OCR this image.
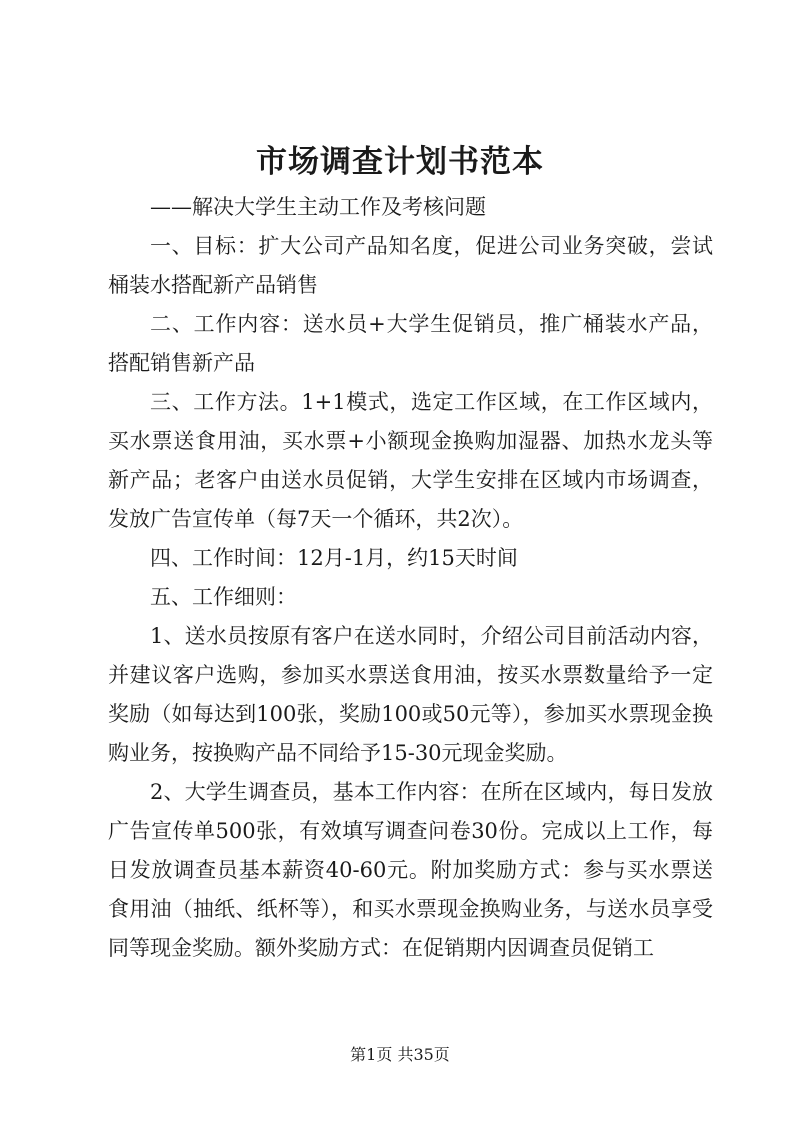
市场调查计划书范本

——解决大学生主动工作及考核问题

一、目标：扩大公司产品知名度，促进公司业务突破，尝试桶装水搭配新产品销售

二、工作内容：送水员+大学生促销员，推广桶装水产品，搭配销售新产品

三、工作方法。1+1模式，选定工作区域，在工作区域内，买水票送食用油，买水票+小额现金换购加湿器、加热水龙头等新产品；老客户由送水员促销，大学生安排在区域内市场调查，发放广告宣传单（每7天一个循环，共2次）。

四、工作时间：12月-1月，约15天时间

五、工作细则：

1、送水员按原有客户在送水同时，介绍公司目前活动内容，并建议客户选购，参加买水票送食用油，按买水票数量给予一定奖励（如每达到100张，奖励100或50元等），参加买水票现金换购业务，按换购产品不同给予15-30元现金奖励。

2、大学生调查员，基本工作内容：在所在区域内，每日发放广告宣传单500张，有效填写调查问卷30份。完成以上工作，每日发放调查员基本薪资40-60元。附加奖励方式：参与买水票送食用油（抽纸、纸杯等），和买水票现金换购业务，与送水员享受同等现金奖励。额外奖励方式：在促销期内因调查员促销工

第1页 共35页
